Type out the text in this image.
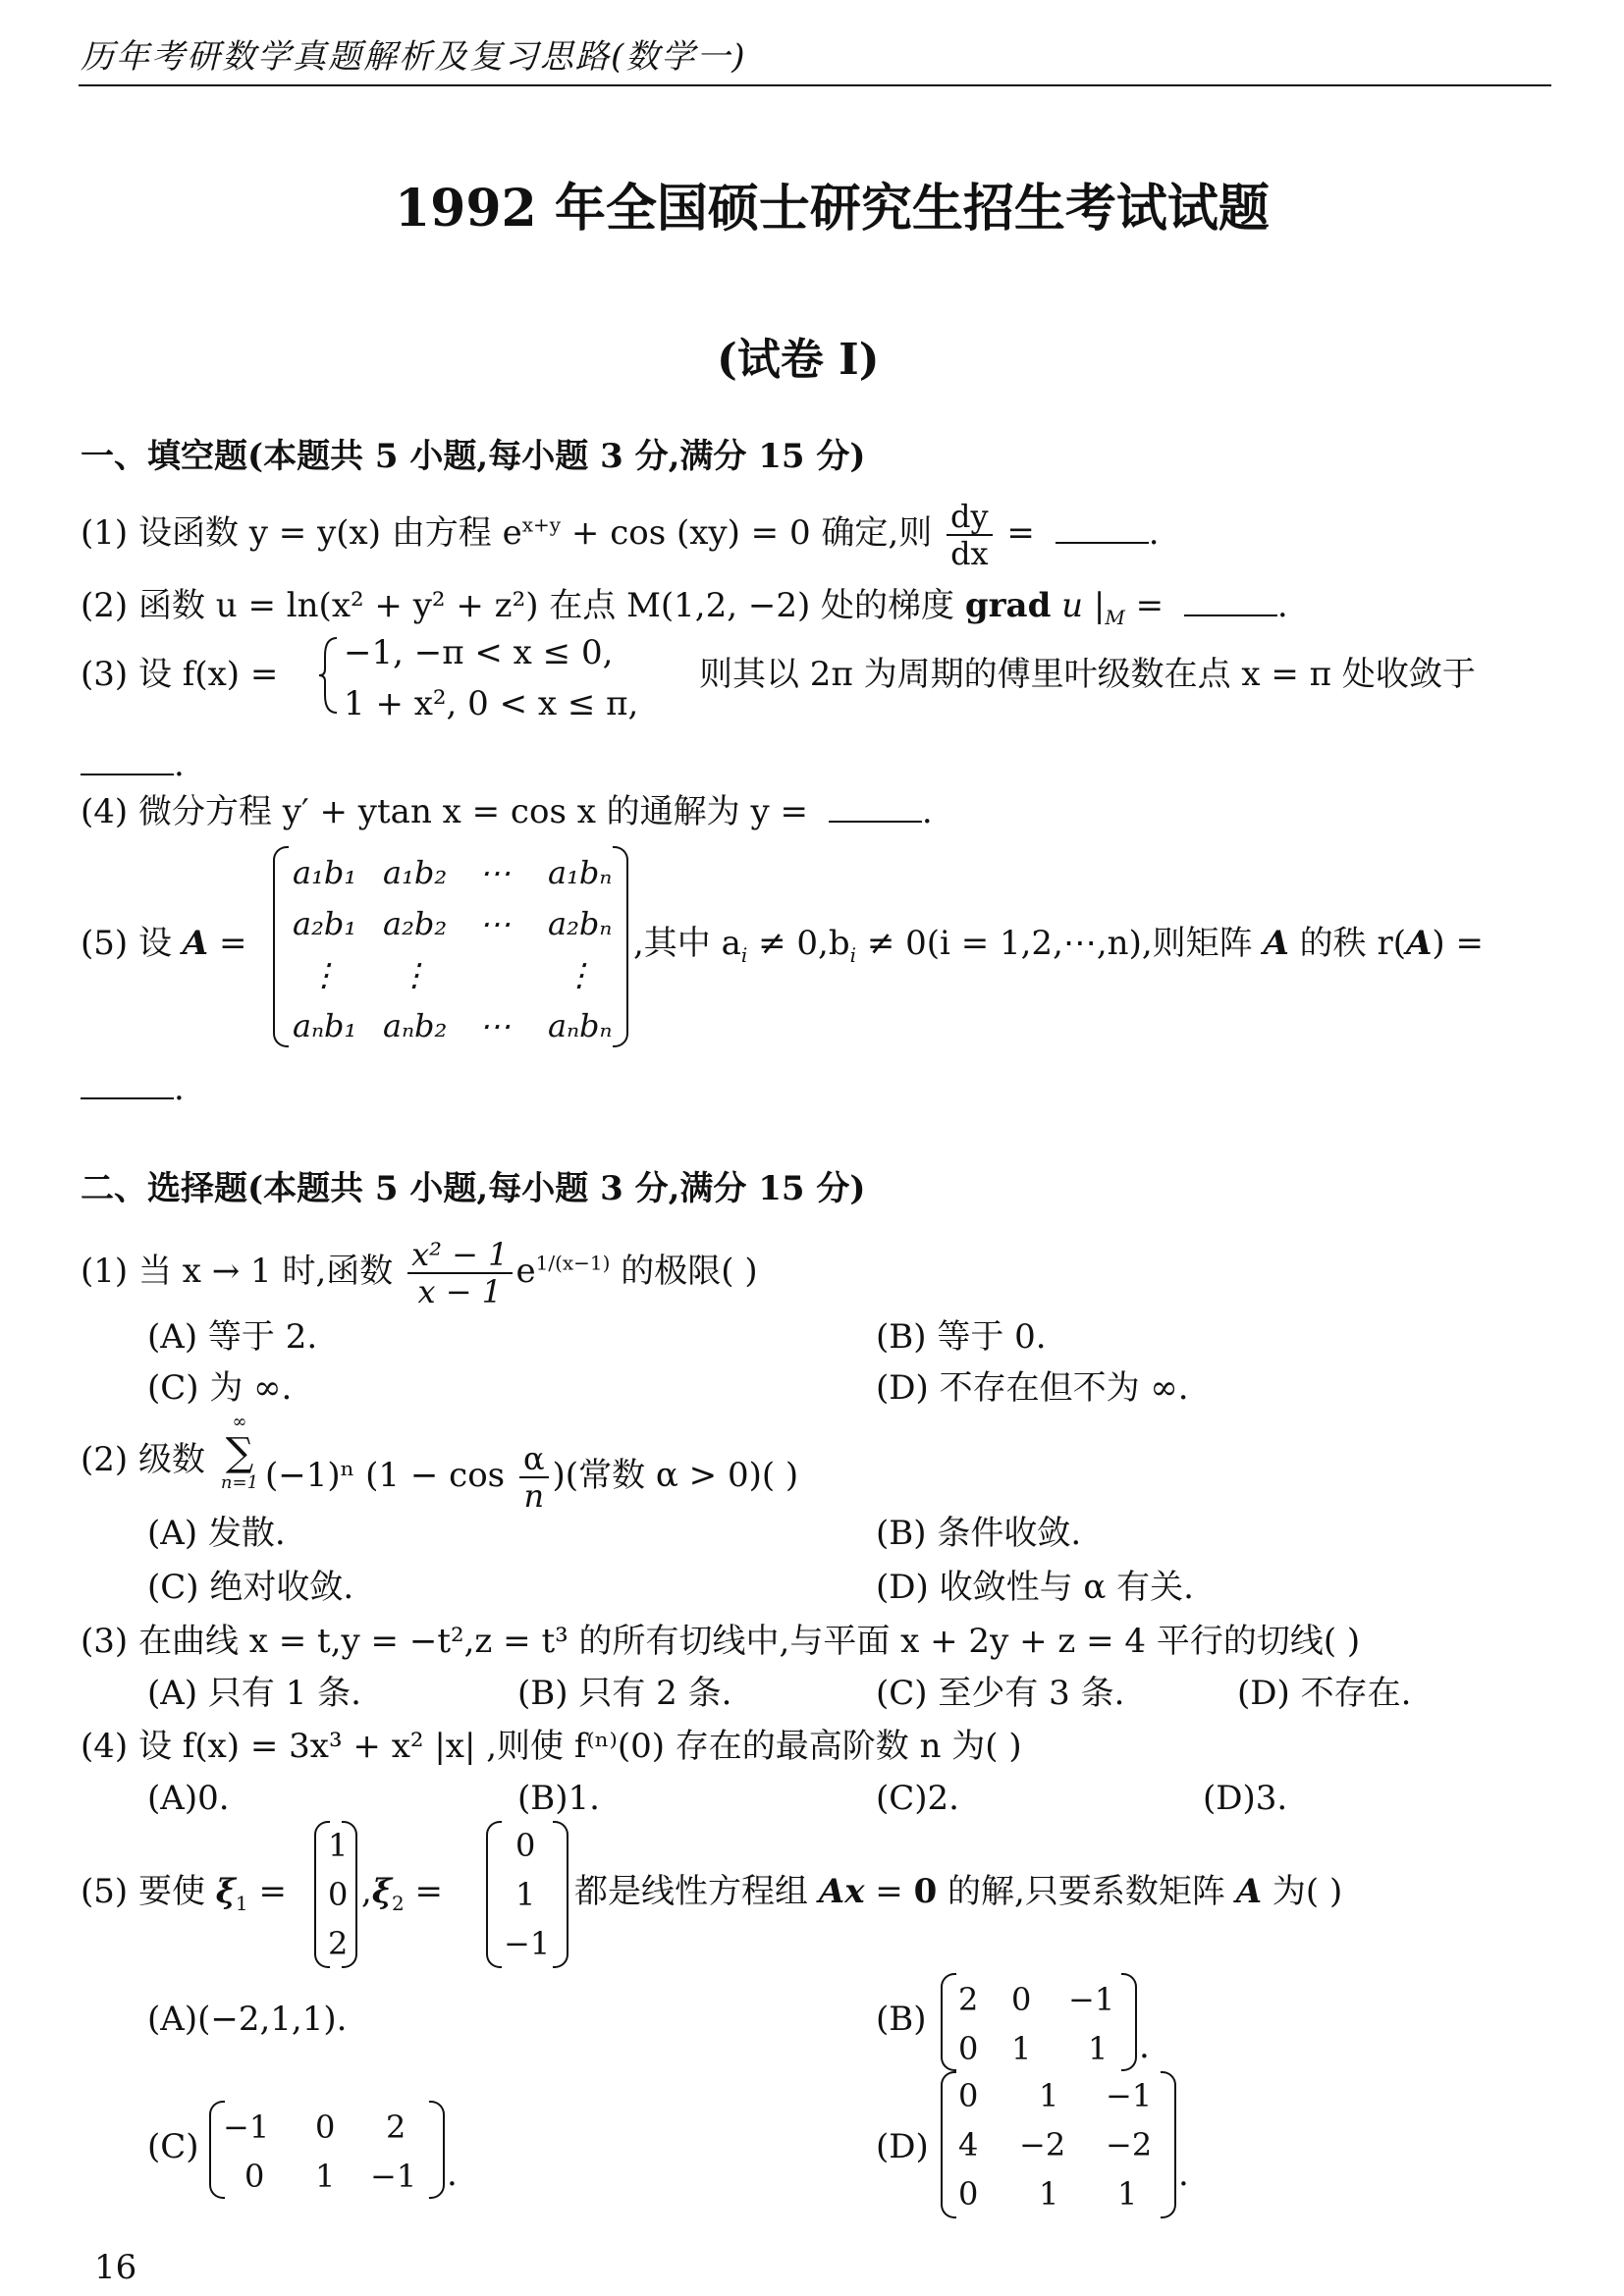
历年考研数学真题解析及复习思路(数学一)
1992 年全国硕士研究生招生考试试题
(试卷 Ⅰ)
一、填空题(本题共 5 小题,每小题 3 分,满分 15 分)
(1) 设函数 y = y(x) 由方程 $e^{x+y} + \cos (xy) = 0$ 确定,则 $\frac{dy}{dx}$ =	.
(2) 函数 u = ln(x² + y² + z²) 在点 M(1,2, −2) 处的梯度 grad u $|_M$ =	.
(3) 设 f(x) =
−1, −π < x ≤ 0,
1 + x², 0 < x ≤ π,
则其以 2π 为周期的傅里叶级数在点 x = π 处收敛于
.
(4) 微分方程 y′ + ytan x = cos x 的通解为 y =	.
(5) 设 A =
a₁b₁ a₁b₂ ⋯ a₁bₙ
a₂b₁ a₂b₂ ⋯ a₂bₙ
⋮ ⋮	⋮
aₙb₁ aₙb₂ ⋯ aₙbₙ
,其中 $a_i \ne 0,b_i \ne 0(i$ = 1,2,⋯,n),则矩阵 A 的秩 r(A) =
.
二、选择题(本题共 5 小题,每小题 3 分,满分 15 分)
(1) 当 x → 1 时,函数 $\frac{\text{x² − 1}}{x - 1} e^{1/(x-1)}$ 的极限( )
(A) 等于 2.	(B) 等于 0.
(C) 为 ∞.	(D) 不存在但不为 ∞.
(2) 级数
∞
∑
n=1 (−1)ⁿ ($1 - \cos \frac{\alpha}{n}$ )(常数 α > 0)( )
(A) 发散.	(B) 条件收敛.
(C) 绝对收敛.	(D) 收敛性与 α 有关.
(3) 在曲线 x = t,y = −t²,z = t³ 的所有切线中,与平面 x + 2y + z = 4 平行的切线( )
(A) 只有 1 条.	(B) 只有 2 条.	(C) 至少有 3 条.	(D) 不存在.
(4) 设 f(x) = 3x³ + x² |x| ,则使 f⁽ⁿ⁾(0) 存在的最高阶数 n 为( )
(A)0.	(B)1.	(C)2.	(D)3.
(5) 要使 $\xi_1$ =
1
0
2
$,\xi_2$ =
0
1
−1
都是线性方程组 Ax = 0 的解,只要系数矩阵 A 为( )
(A)(−2,1,1).	(B) 2 0 −1
0 1 1 .
(C) −1 0 2
0 1 −1 .
(D)
0 1 −1
4 −2 −2
0 1 1 .
16
